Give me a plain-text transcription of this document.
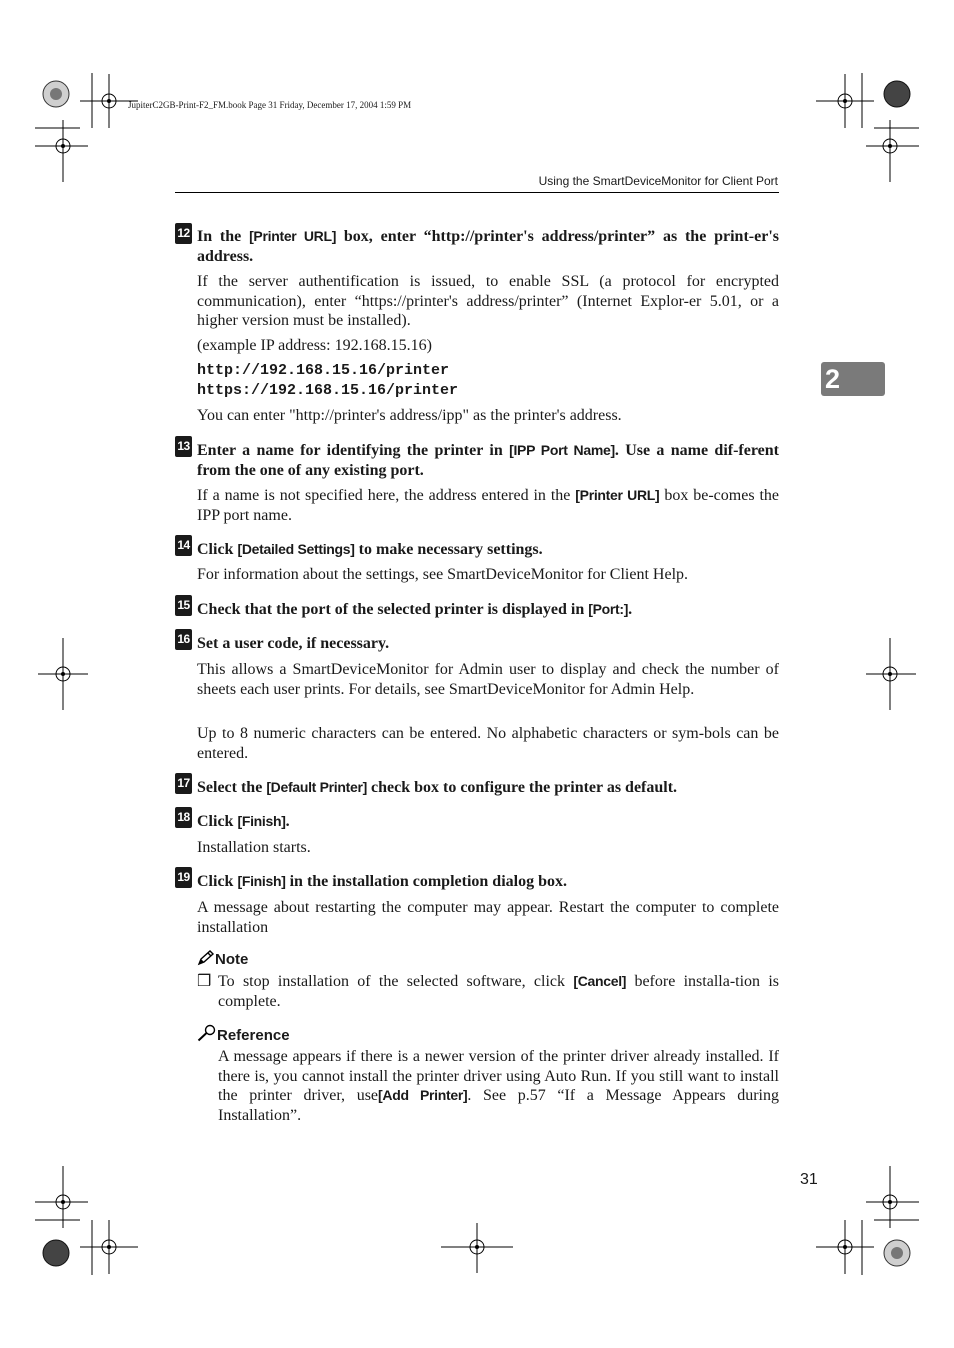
JupiterC2GB-Print-F2_FM.book Page 31 Friday, December 17, 2004 1:59 PM
Using the SmartDeviceMonitor for Client Port
2
12 In the [Printer URL] box, enter “http://printer's address/printer” as the print-er's address.
If the server authentification is issued, to enable SSL (a protocol for encrypted communication), enter “https://printer's address/printer” (Internet Explor-er 5.01, or a higher version must be installed).
(example IP address: 192.168.15.16)
http://192.168.15.16/printer
https://192.168.15.16/printer
You can enter "http://printer's address/ipp" as the printer's address.
13 Enter a name for identifying the printer in [IPP Port Name]. Use a name dif-ferent from the one of any existing port.
If a name is not specified here, the address entered in the [Printer URL] box be-comes the IPP port name.
14 Click [Detailed Settings] to make necessary settings.
For information about the settings, see SmartDeviceMonitor for Client Help.
15 Check that the port of the selected printer is displayed in [Port:].
16 Set a user code, if necessary.
This allows a SmartDeviceMonitor for Admin user to display and check the number of sheets each user prints. For details, see SmartDeviceMonitor for Admin Help.
Up to 8 numeric characters can be entered. No alphabetic characters or sym-bols can be entered.
17 Select the [Default Printer] check box to configure the printer as default.
18 Click [Finish].
Installation starts.
19 Click [Finish] in the installation completion dialog box.
A message about restarting the computer may appear. Restart the computer to complete installation
Note
❒ To stop installation of the selected software, click [Cancel] before installa-tion is complete.
Reference
A message appears if there is a newer version of the printer driver already installed. If there is, you cannot install the printer driver using Auto Run. If you still want to install the printer driver, use[Add Printer]. See p.57 “If a Message Appears during Installation”.
31
